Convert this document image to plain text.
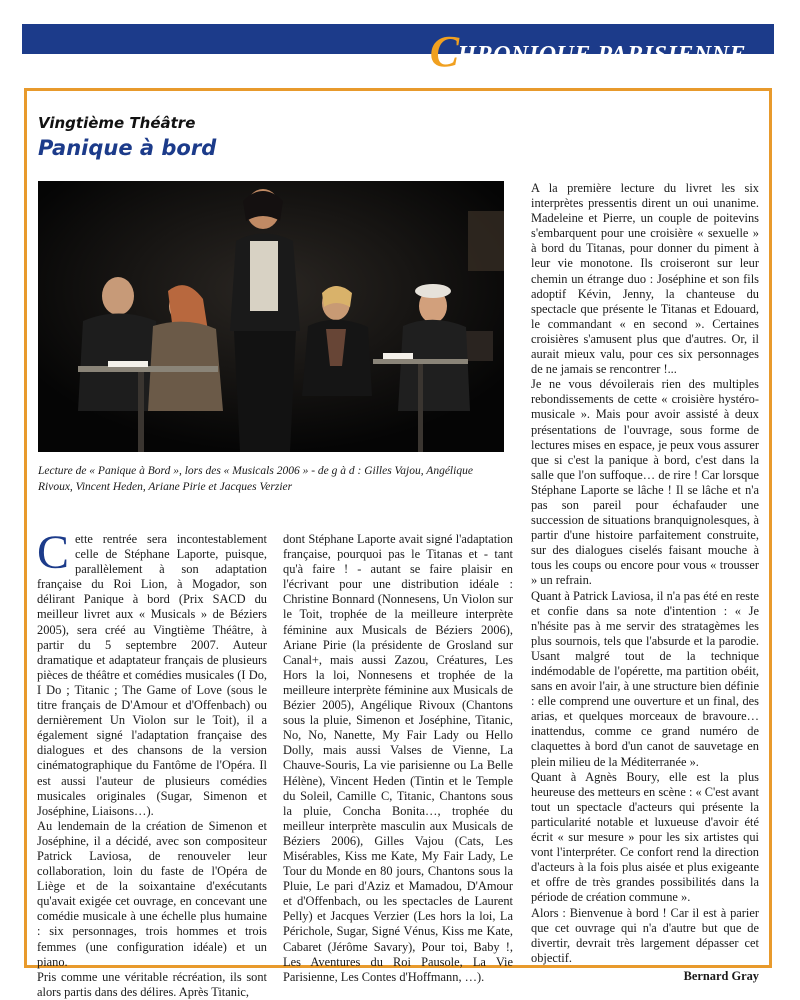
CHRONIQUE PARISIENNE
Vingtième Théâtre
Panique à bord
Lecture de « Panique à Bord », lors des « Musicals 2006 » - de g à d : Gilles Vajou, Angélique Rivoux, Vincent Heden, Ariane Pirie et Jacques Verzier

Cette rentrée sera incontestablement celle de Stéphane Laporte, puisque, parallèlement à son adaptation française du Roi Lion, à Mogador, son délirant Panique à bord (Prix SACD du meilleur livret aux « Musicals » de Béziers 2005), sera créé au Vingtième Théâtre, à partir du 5 septembre 2007. Auteur dramatique et adaptateur français de plusieurs pièces de théâtre et comédies musicales (I Do, I Do ; Titanic ; The Game of Love (sous le titre français de D'Amour et d'Offenbach) ou dernièrement Un Violon sur le Toit), il a également signé l'adaptation française des dialogues et des chansons de la version cinématographique du Fantôme de l'Opéra. Il est aussi l'auteur de plusieurs comédies musicales originales (Sugar, Simenon et Joséphine, Liaisons…).

Au lendemain de la création de Simenon et Joséphine, il a décidé, avec son compositeur Patrick Laviosa, de renouveler leur collaboration, loin du faste de l'Opéra de Liège et de la soixantaine d'exécutants qu'avait exigée cet ouvrage, en concevant une comédie musicale à une échelle plus humaine : six personnages, trois hommes et trois femmes (une configuration idéale) et un piano.

Pris comme une véritable récréation, ils sont alors partis dans des délires. Après Titanic,

dont Stéphane Laporte avait signé l'adaptation française, pourquoi pas le Titanas et - tant qu'à faire ! - autant se faire plaisir en l'écrivant pour une distribution idéale : Christine Bonnard (Nonnesens, Un Violon sur le Toit, trophée de la meilleure interprète féminine aux Musicals de Béziers 2006), Ariane Pirie (la présidente de Grosland sur Canal+, mais aussi Zazou, Créatures, Les Hors la loi, Nonnesens et trophée de la meilleure interprète féminine aux Musicals de Bézier 2005), Angélique Rivoux (Chantons sous la pluie, Simenon et Joséphine, Titanic, No, No, Nanette, My Fair Lady ou Hello Dolly, mais aussi Valses de Vienne, La Chauve-Souris, La vie parisienne ou La Belle Hélène), Vincent Heden (Tintin et le Temple du Soleil, Camille C, Titanic, Chantons sous la pluie, Concha Bonita…, trophée du meilleur interprète masculin aux Musicals de Béziers 2006), Gilles Vajou (Cats, Les Misérables, Kiss me Kate, My Fair Lady, Le Tour du Monde en 80 jours, Chantons sous la Pluie, Le pari d'Aziz et Mamadou, D'Amour et d'Offenbach, ou les spectacles de Laurent Pelly) et Jacques Verzier (Les hors la loi, La Périchole, Sugar, Signé Vénus, Kiss me Kate, Cabaret (Jérôme Savary), Pour toi, Baby !, Les Aventures du Roi Pausole, La Vie Parisienne, Les Contes d'Hoffmann, …).

A la première lecture du livret les six interprètes pressentis dirent un oui unanime. Madeleine et Pierre, un couple de poitevins s'embarquent pour une croisière « sexuelle » à bord du Titanas, pour donner du piment à leur vie monotone. Ils croiseront sur leur chemin un étrange duo : Joséphine et son fils adoptif Kévin, Jenny, la chanteuse du spectacle que présente le Titanas et Edouard, le commandant « en second ». Certaines croisières s'amusent plus que d'autres. Or, il aurait mieux valu, pour ces six personnages de ne jamais se rencontrer !...

Je ne vous dévoilerais rien des multiples rebondissements de cette « croisière hystéro-musicale ». Mais pour avoir assisté à deux présentations de l'ouvrage, sous forme de lectures mises en espace, je peux vous assurer que si c'est la panique à bord, c'est dans la salle que l'on suffoque… de rire ! Car lorsque Stéphane Laporte se lâche ! Il se lâche et n'a pas son pareil pour échafauder une succession de situations branquignolesques, à partir d'une histoire parfaitement construite, sur des dialogues ciselés faisant mouche à tous les coups ou encore pour vous « trousser » un refrain.

Quant à Patrick Laviosa, il n'a pas été en reste et confie dans sa note d'intention : « Je n'hésite pas à me servir des stratagèmes les plus sournois, tels que l'absurde et la parodie. Usant malgré tout de la technique indémodable de l'opérette, ma partition obéit, sans en avoir l'air, à une structure bien définie : elle comprend une ouverture et un final, des arias, et quelques morceaux de bravoure… inattendus, comme ce grand numéro de claquettes à bord d'un canot de sauvetage en plein milieu de la Méditerranée ».

Quant à Agnès Boury, elle est la plus heureuse des metteurs en scène : « C'est avant tout un spectacle d'acteurs qui présente la particularité notable et luxueuse d'avoir été écrit « sur mesure » pour les six artistes qui vont l'interpréter. Ce confort rend la direction d'acteurs à la fois plus aisée et plus exigeante et offre de très grandes possibilités dans la période de création commune ».

Alors : Bienvenue à bord ! Car il est à parier que cet ouvrage qui n'a d'autre but que de divertir, devrait très largement dépasser cet objectif.

Bernard Gray
